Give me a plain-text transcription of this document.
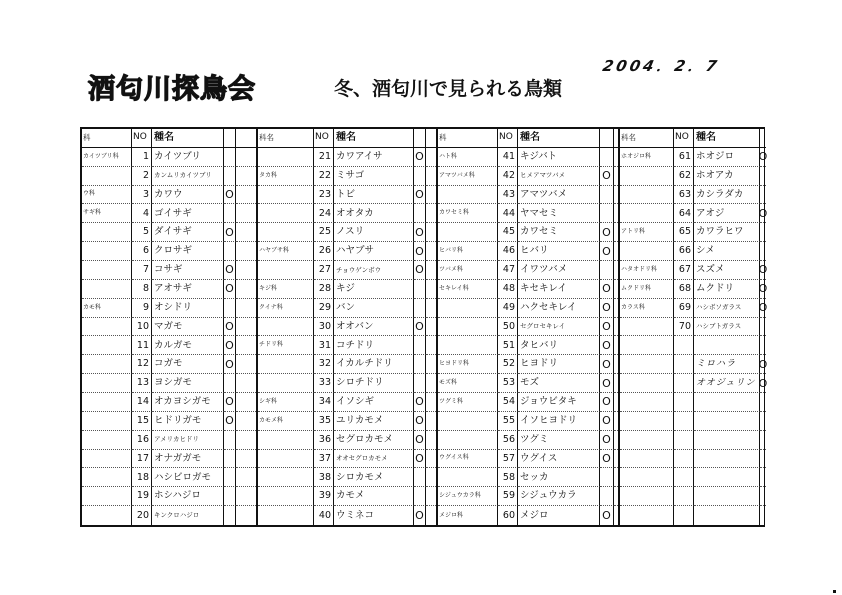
2004．2．7
酒匂川探鳥会	冬、酒匂川で見られる鳥類
科	NO 種名
カイツブリ科	1 カイツブリ
2 カンムリカイツブリ
ウ科	3 カワウ	O
サギ科	4 ゴイサギ
5 ダイサギ	O
6 クロサギ
7 コサギ	O
8 アオサギ	O
カモ科	9 オシドリ
10 マガモ	O
11 カルガモ	O
12 コガモ	O
13 ヨシガモ
14 オカヨシガモ	O
15 ヒドリガモ	O
16 アメリカヒドリ
17 オナガガモ
18 ハシビロガモ
19 ホシハジロ
20 キンクロハジロ
科名	NO 種名
21 カワアイサ	O
タカ科	22 ミサゴ
23 トビ	O
24 オオタカ
25 ノスリ	O
ハヤブサ科	26 ハヤブサ	O
27 チョウゲンボウ	O
キジ科	28 キジ
クイナ科	29 バン
30 オオバン	O
チドリ科	31 コチドリ
32 イカルチドリ
33 シロチドリ
シギ科	34 イソシギ	O
カモメ科	35 ユリカモメ	O
36 セグロカモメ	O
37 オオセグロカモメ	O
38 シロカモメ
39 カモメ
40 ウミネコ	O
科	NO 種名
ハト科	41 キジバト
アマツバメ科	42 ヒメアマツバメ	O
43 アマツバメ
カワセミ科	44 ヤマセミ
45 カワセミ	O
ヒバリ科	46 ヒバリ	O
ツバメ科	47 イワツバメ
セキレイ科	48 キセキレイ	O
49 ハクセキレイ	O
50 セグロセキレイ	O
51 タヒバリ	O
ヒヨドリ科	52 ヒヨドリ	O
モズ科	53 モズ	O
ツグミ科	54 ジョウビタキ	O
55 イソヒヨドリ	O
56 ツグミ	O
ウグイス科	57 ウグイス	O
58 セッカ
シジュウカラ科	59 シジュウカラ
メジロ科	60 メジロ	O
科名	NO 種名
ホオジロ科	61 ホオジロ	O
62 ホオアカ
63 カシラダカ
64 アオジ	O
アトリ科	65 カワラヒワ
66 シメ
ハタオドリ科	67 スズメ	O
ムクドリ科	68 ムクドリ	O
カラス科	69 ハシボソガラス	O
70 ハシブトガラス
ミロハラ	O
オオジュリン O
